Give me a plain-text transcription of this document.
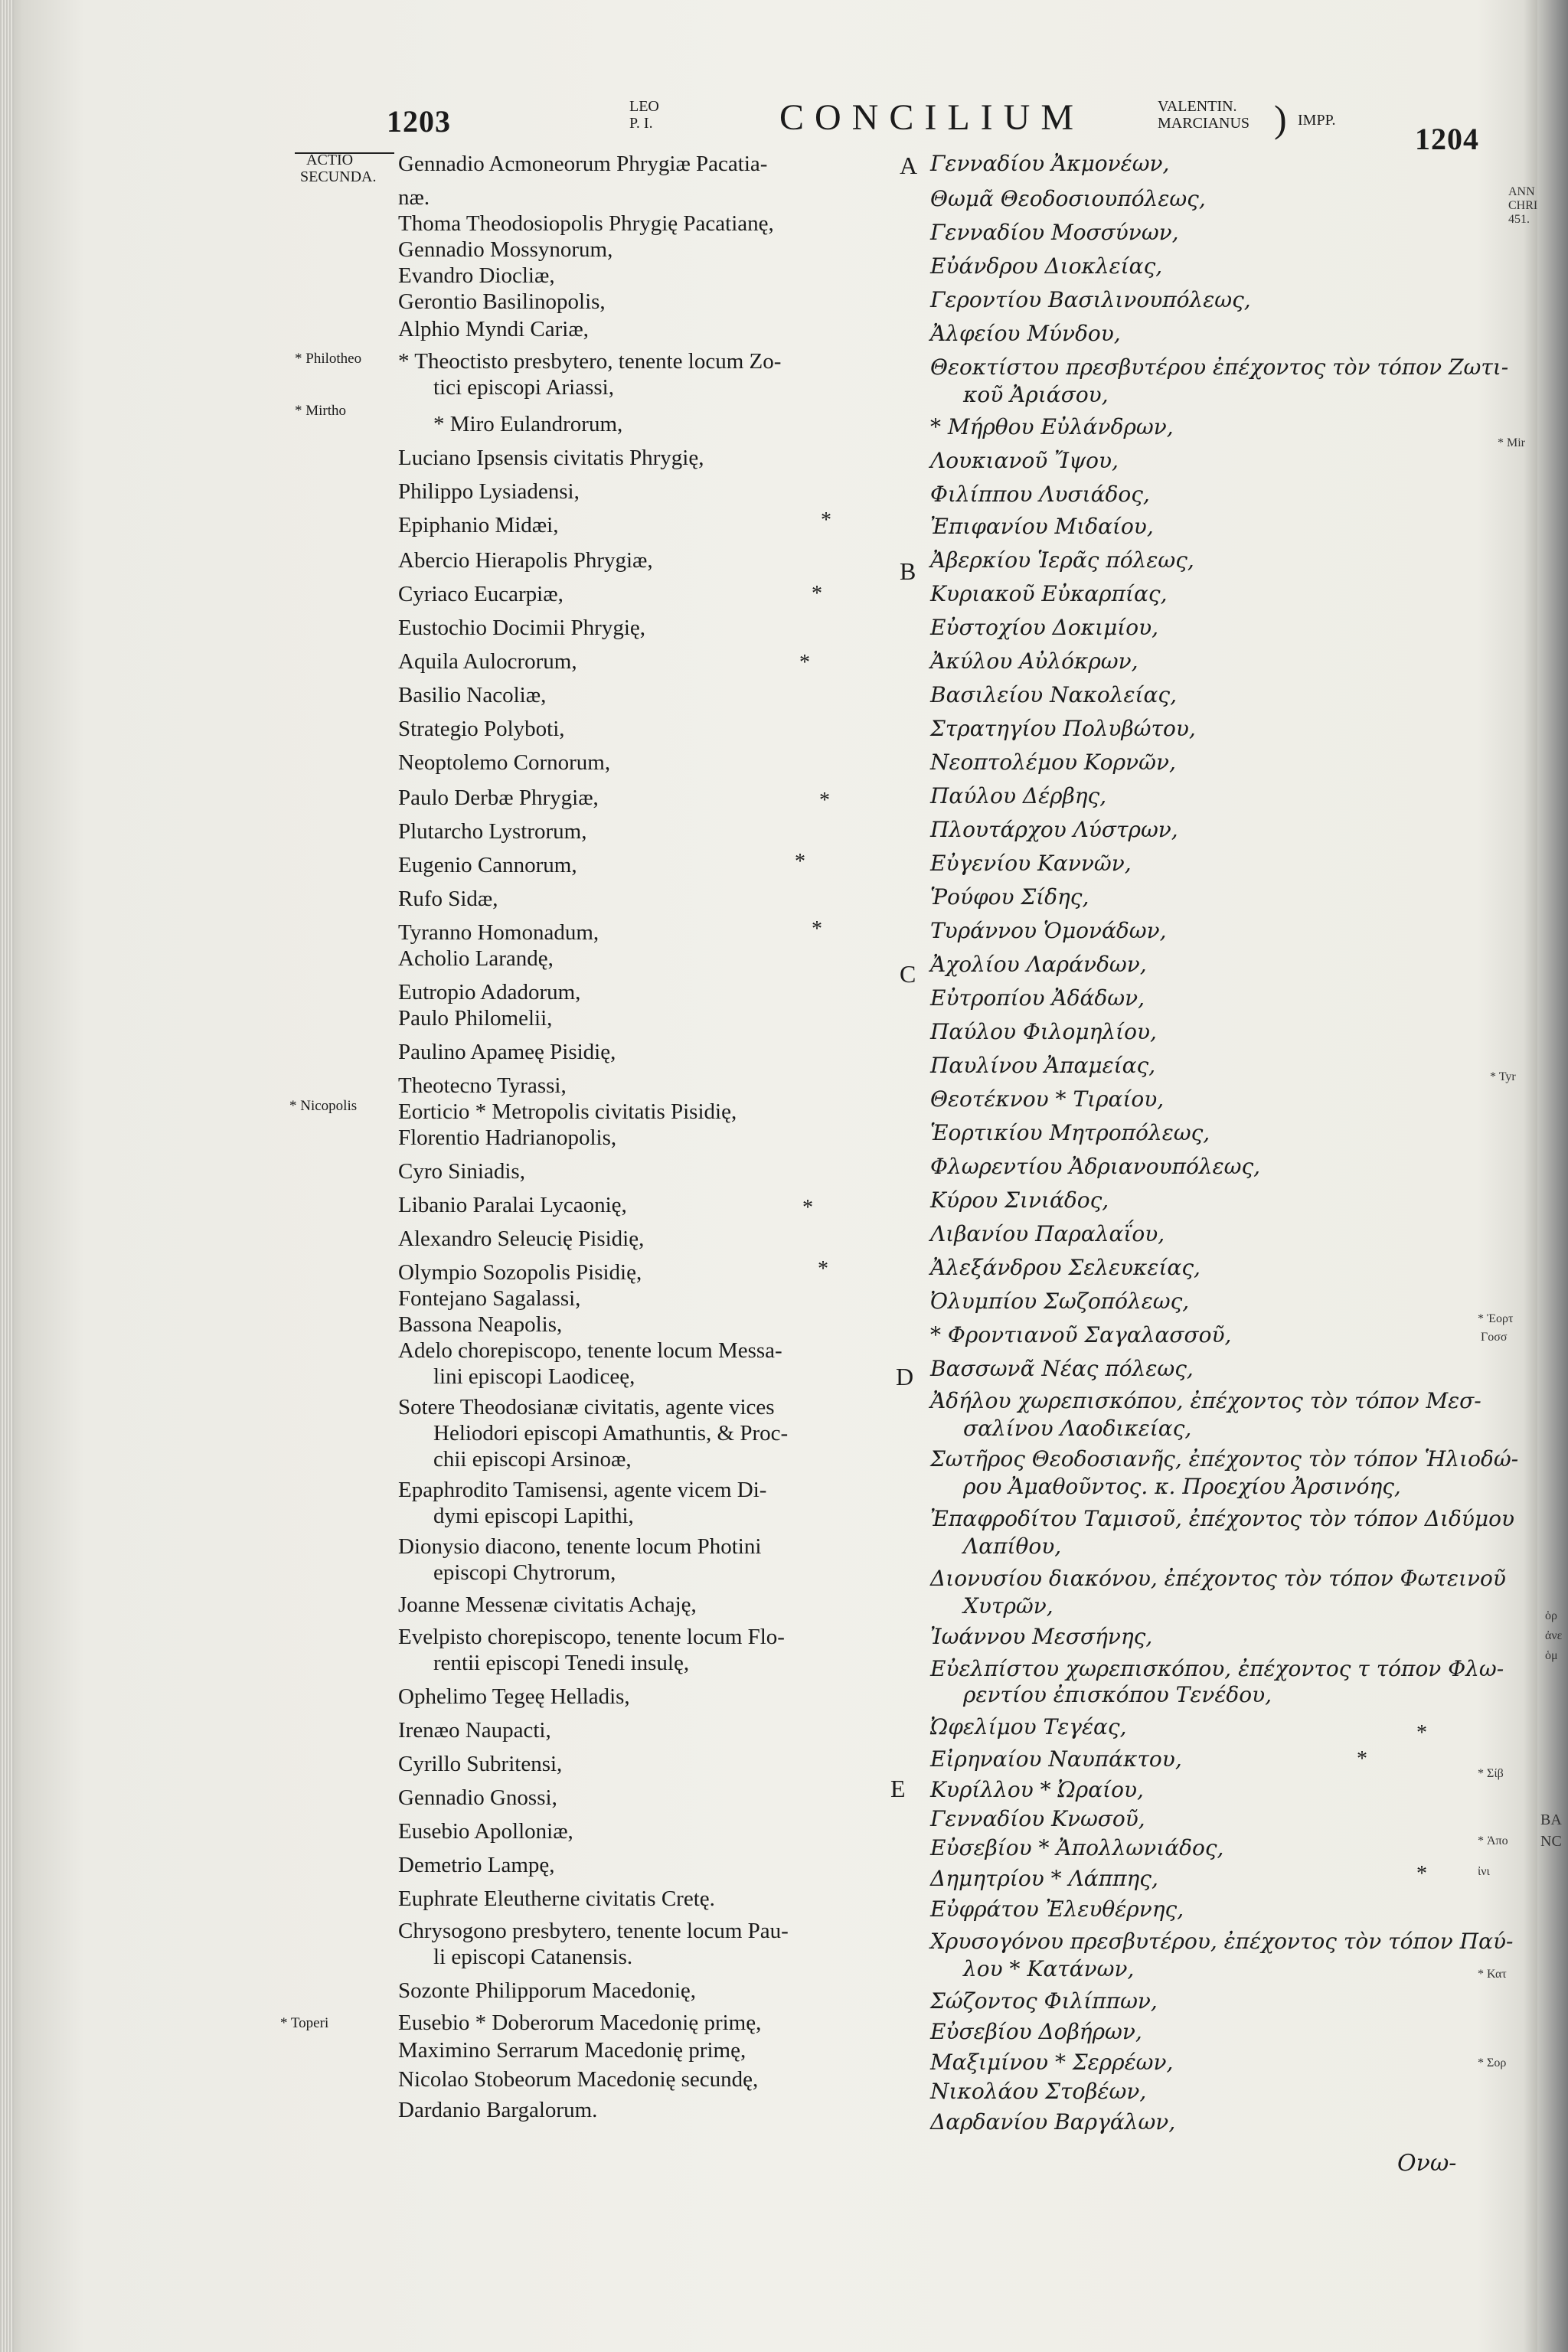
1203	LEO
P. I.	CONCILIUM	VALENTIN.
MARCIANUS ) IMPP.
1204
ACTIO
SECUNDA.
ANN
CHRI
451.
* Mir
* Tyr
BA
NC
* Ἐορτ
Γοσσ
* Σίβ
* Ἀπο
ἰνι
* Κατ
* Σορ
ὁρ
ἀνε
ὁμ
* Philotheo
* Mirtho
* Nicopolis
* Toperi
A
B
C
D
E
*
*
*
*
*
*
*
*
*
*
*
Gennadio Acmoneorum Phrygiæ Pacatia-
næ.
Thoma Theodosiopolis Phrygię Pacatianę,
Gennadio Mossynorum,
Evandro Diocliæ,
Gerontio Basilinopolis,
Alphio Myndi Cariæ,
* Theoctisto presbytero, tenente locum Zo-
tici episcopi Ariassi,
* Miro Eulandrorum,
Luciano Ipsensis civitatis Phrygię,
Philippo Lysiadensi,
Epiphanio Midæi,
Abercio Hierapolis Phrygiæ,
Cyriaco Eucarpiæ,
Eustochio Docimii Phrygię,
Aquila Aulocrorum,
Basilio Nacoliæ,
Strategio Polyboti,
Neoptolemo Cornorum,
Paulo Derbæ Phrygiæ,
Plutarcho Lystrorum,
Eugenio Cannorum,
Rufo Sidæ,
Tyranno Homonadum,
Acholio Larandę,
Eutropio Adadorum,
Paulo Philomelii,
Paulino Apameę Pisidię,
Theotecno Tyrassi,
Eorticio * Metropolis civitatis Pisidię,
Florentio Hadrianopolis,
Cyro Siniadis,
Libanio Paralai Lycaonię,
Alexandro Seleucię Pisidię,
Olympio Sozopolis Pisidię,
Fontejano Sagalassi,
Bassona Neapolis,
Adelo chorepiscopo, tenente locum Messa-
lini episcopi Laodiceę,
Sotere Theodosianæ civitatis, agente vices
Heliodori episcopi Amathuntis, & Proc-
chii episcopi Arsinoæ,
Epaphrodito Tamisensi, agente vicem Di-
dymi episcopi Lapithi,
Dionysio diacono, tenente locum Photini
episcopi Chytrorum,
Joanne Messenæ civitatis Achaję,
Evelpisto chorepiscopo, tenente locum Flo-
rentii episcopi Tenedi insulę,
Ophelimo Tegeę Helladis,
Irenæo Naupacti,
Cyrillo Subritensi,
Gennadio Gnossi,
Eusebio Apolloniæ,
Demetrio Lampę,
Euphrate Eleutherne civitatis Cretę.
Chrysogono presbytero, tenente locum Pau-
li episcopi Catanensis.
Sozonte Philipporum Macedonię,
Eusebio * Doberorum Macedonię primę,
Maximino Serrarum Macedonię primę,
Nicolao Stobeorum Macedonię secundę,
Dardanio Bargalorum.
Γενναδίου Ἀκμονέων,
Θωμᾶ Θεοδοσιουπόλεως,
Γενναδίου Μοσσύνων,
Εὐάνδρου Διοκλείας,
Γεροντίου Βασιλινουπόλεως,
Ἀλφείου Μύνδου,
Θεοκτίστου πρεσβυτέρου ἐπέχοντος τὸν τόπον Ζωτι-
κοῦ Ἀριάσου,
* Μήρθου Εὐλάνδρων,
Λουκιανοῦ Ἴψου,
Φιλίππου Λυσιάδος,
Ἐπιφανίου Μιδαίου,
Ἀβερκίου Ἱερᾶς πόλεως,
Κυριακοῦ Εὐκαρπίας,
Εὐστοχίου Δοκιμίου,
Ἀκύλου Αὐλόκρων,
Βασιλείου Νακολείας,
Στρατηγίου Πολυβώτου,
Νεοπτολέμου Κορνῶν,
Παύλου Δέρβης,
Πλουτάρχου Λύστρων,
Εὐγενίου Καννῶν,
Ῥούφου Σίδης,
Τυράννου Ὁμονάδων,
Ἀχολίου Λαράνδων,
Εὐτροπίου Ἀδάδων,
Παύλου Φιλομηλίου,
Παυλίνου Ἀπαμείας,
Θεοτέκνου * Τιραίου,
Ἑορτικίου Μητροπόλεως,
Φλωρεντίου Ἀδριανουπόλεως,
Κύρου Σινιάδος,
Λιβανίου Παραλαΐου,
Ἀλεξάνδρου Σελευκείας,
Ὀλυμπίου Σωζοπόλεως,
* Φροντιανοῦ Σαγαλασσοῦ,
Βασσωνᾶ Νέας πόλεως,
Ἀδήλου χωρεπισκόπου, ἐπέχοντος τὸν τόπον Μεσ-
σαλίνου Λαοδικείας,
Σωτῆρος Θεοδοσιανῆς, ἐπέχοντος τὸν τόπον Ἡλιοδώ-
ρου Ἀμαθοῦντος. κ. Προεχίου Ἀρσινόης,
Ἐπαφροδίτου Ταμισοῦ, ἐπέχοντος τὸν τόπον Διδύμου
Λαπίθου,
Διονυσίου διακόνου, ἐπέχοντος τὸν τόπον Φωτεινοῦ
Χυτρῶν,
Ἰωάννου Μεσσήνης,
Εὐελπίστου χωρεπισκόπου, ἐπέχοντος τ τόπον Φλω-
ρεντίου ἐπισκόπου Τενέδου,
Ὠφελίμου Τεγέας,
Εἰρηναίου Ναυπάκτου,
Κυρίλλου * Ὠραίου,
Γενναδίου Κνωσοῦ,
Εὐσεβίου * Ἀπολλωνιάδος,
Δημητρίου * Λάππης,
Εὐφράτου Ἐλευθέρνης,
Χρυσογόνου πρεσβυτέρου, ἐπέχοντος τὸν τόπον Παύ-
λου * Κατάνων,
Σώζοντος Φιλίππων,
Εὐσεβίου Δοβήρων,
Μαξιμίνου * Σερρέων,
Νικολάου Στοβέων,
Δαρδανίου Βαργάλων,
Ονω-
